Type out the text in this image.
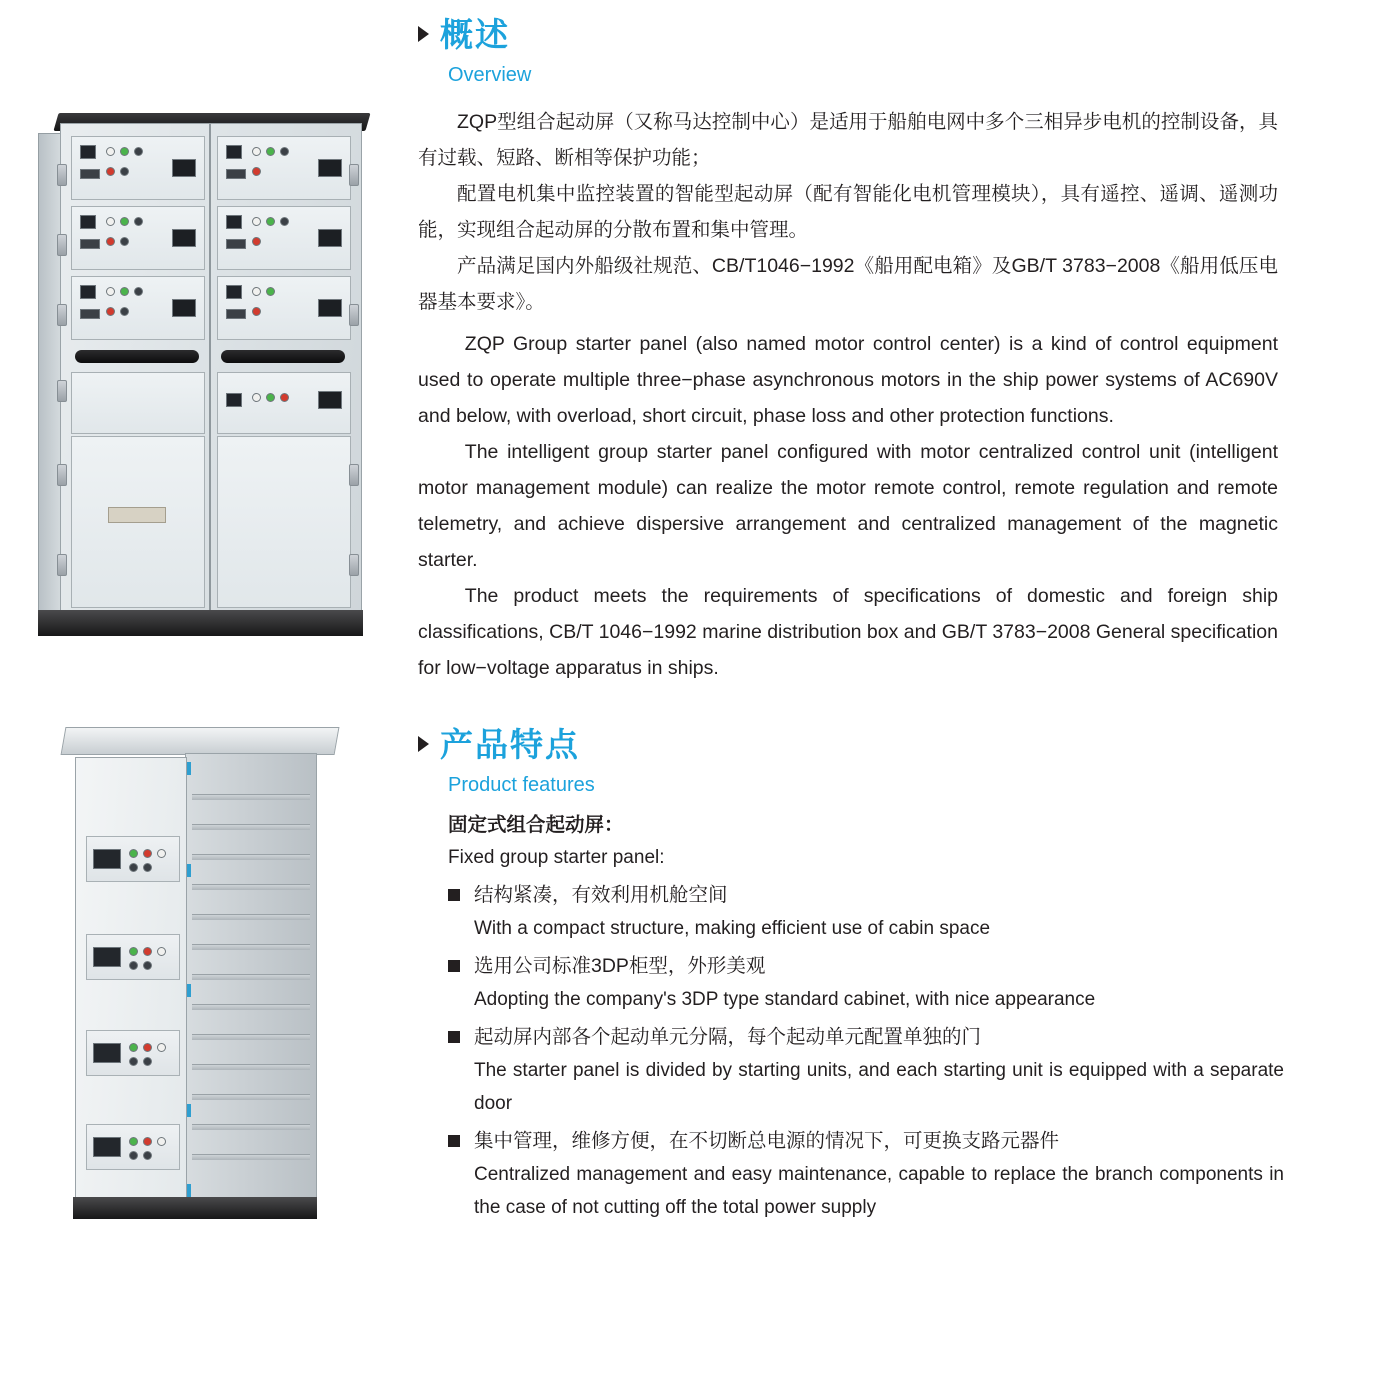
概述
Overview

ZQP型组合起动屏（又称马达控制中心）是适用于船舶电网中多个三相异步电机的控制设备，具有过载、短路、断相等保护功能；

配置电机集中监控装置的智能型起动屏（配有智能化电机管理模块），具有遥控、遥调、遥测功能，实现组合起动屏的分散布置和集中管理。

产品满足国内外船级社规范、CB/T1046−1992《船用配电箱》及GB/T 3783−2008《船用低压电器基本要求》。

ZQP Group starter panel (also named motor control center) is a kind of control equipment used to operate multiple three−phase asynchronous motors in the ship power systems of AC690V and below, with overload, short circuit, phase loss and other protection functions.

The intelligent group starter panel configured with motor centralized control unit (intelligent motor management module) can realize the motor remote control, remote regulation and remote telemetry, and achieve dispersive arrangement and centralized management of the magnetic starter.

The product meets the requirements of specifications of domestic and foreign ship classifications, CB/T 1046−1992 marine distribution box and GB/T 3783−2008 General specification for low−voltage apparatus in ships.

产品特点
Product features
固定式组合起动屏：
Fixed group starter panel:
结构紧凑，有效利用机舱空间
With a compact structure, making efficient use of cabin space
选用公司标准3DP柜型，外形美观
Adopting the company's 3DP type standard cabinet, with nice appearance
起动屏内部各个起动单元分隔，每个起动单元配置单独的门
The starter panel is divided by starting units, and each starting unit is equipped with a separate door
集中管理，维修方便，在不切断总电源的情况下，可更换支路元器件
Centralized management and easy maintenance, capable to replace the branch components in the case of not cutting off the total power supply
